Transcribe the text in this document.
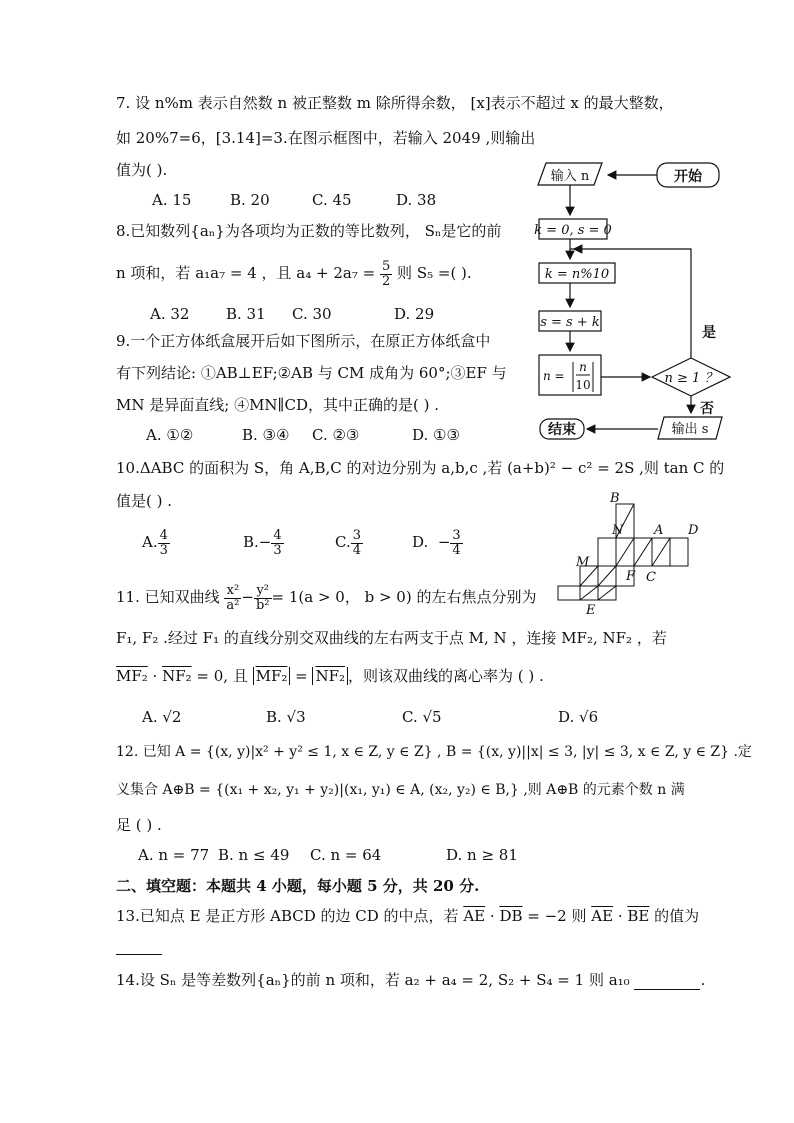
7. 设 n%m 表示自然数 n 被正整数 m 除所得余数， [x]表示不超过 x 的最大整数，
如 20%7=6，[3.14]=3.在图示框图中，若输入 2049 ,则输出
值为( ).
A. 15	B. 20	C. 45	D. 38
8.已知数列{aₙ}为各项均为正数的等比数列， Sₙ是它的前
n 项和，若 a₁a₇ = 4 ，且 $a_4 + 2a_7 = \frac{5}{2}$ 则 S₅ =( ).
A. 32 B. 31 C. 30	D. 29
9.一个正方体纸盒展开后如下图所示，在原正方体纸盒中
有下列结论: ①AB⊥EF;②AB 与 CM 成角为 60°;③EF 与
MN 是异面直线; ④MN∥CD，其中正确的是( ) .
A. ①②	B. ③④ C. ②③	D. ①③
10.ΔABC 的面积为 S，角 A,B,C 的对边分别为 a,b,c ,若 (a+b)² − c² = 2S ,则 tan C 的
值是( ) .
A. $\frac{4}{3}$	$B.- \frac{4}{3}$	C. $\frac{3}{4}$	D. − $\frac{3}{4}$
11. 已知双曲线 $\frac{\text{x²}}{\text{a²}} - \frac{\text{y²}}{\text{b²}} = 1(a > 0$， b > 0) 的左右焦点分别为
F₁, F₂ .经过 F₁ 的直线分别交双曲线的左右两支于点 M, N ，连接 MF₂, NF₂ ，若
MF₂ · NF₂ = 0, 且 MF₂ = NF₂ ，则该双曲线的离心率为 ( ) .
A. √2	B. √3	C. √5	D. √6
12. 已知 A = {(x, y)|x² + y² ≤ 1, x ∈ Z, y ∈ Z} , B = {(x, y)||x| ≤ 3, |y| ≤ 3, x ∈ Z, y ∈ Z} .定
义集合 A⊕B = {(x₁ + x₂, y₁ + y₂)|(x₁, y₁) ∈ A, (x₂, y₂) ∈ B,} ,则 A⊕B 的元素个数 n 满
足 ( ) .
A. n = 77 B. n ≤ 49 C. n = 64	D. n ≥ 81
二、填空题：本题共 4 小题，每小题 5 分，共 20 分.
13.已知点 E 是正方形 ABCD 的边 CD 的中点，若 $\overline{AE} \cdot \overline{DB} = -2$ 则 $\overline{AE} \cdot \overline{BE}$ 的值为
14.设 Sₙ 是等差数列{aₙ}的前 n 项和，若 a₂ + a₄ = 2, S₂ + S₄ = 1 则 a₁₀	.
开始
输入 n
k = 0, s = 0
k = n%10
s = s + k
n =
n
10	n ≥ 1 ？
是
否
输出 s
结束
B
N A D
M
F C
E
